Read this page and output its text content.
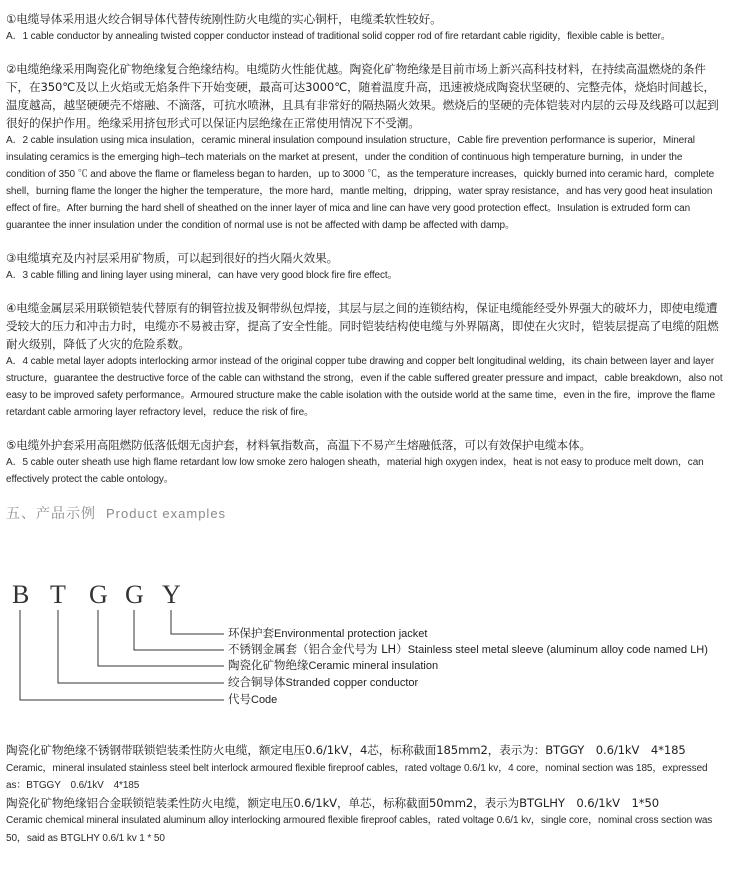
①电缆导体采用退火绞合铜导体代替传统刚性防火电缆的实心铜杆，电缆柔软性较好。

A．1 cable conductor by annealing twisted copper conductor instead of traditional solid copper rod of fire retardant cable rigidity，flexible cable is better。

②电缆绝缘采用陶瓷化矿物绝缘复合绝缘结构。电缆防火性能优越。陶瓷化矿物绝缘是目前市场上新兴高科技材料，在持续高温燃烧的条件下，在350℃及以上火焰或无焰条件下开始变硬，最高可达3000℃，随着温度升高，迅速被烧成陶瓷状坚硬的、完整壳体，烧焰时间越长，温度越高，越坚硬硬壳不熔融、不滴落，可抗水喷淋，且具有非常好的隔热隔火效果。燃烧后的坚硬的壳体铠装对内层的云母及线路可以起到很好的保护作用。绝缘采用挤包形式可以保证内层绝缘在正常使用情况下不受潮。

A．2 cable insulation using mica insulation，ceramic mineral insulation compound insulation structure，Cable fire prevention performance is superior，Mineral insulating ceramics is the emerging high–tech materials on the market at present，under the condition of continuous high temperature burning，in under the condition of 350 ℃ and above the flame or flameless began to harden，up to 3000 ℃，as the temperature increases，quickly burned into ceramic hard，complete shell，burning flame the longer the higher the temperature，the more hard，mantle melting，dripping，water spray resistance，and has very good heat insulation effect of fire。After burning the hard shell of sheathed on the inner layer of mica and line can have very good protection effect。Insulation is extruded form can guarantee the inner insulation under the condition of normal use is not be affected with damp be affected with damp。

③电缆填充及内衬层采用矿物质，可以起到很好的挡火隔火效果。

A．3 cable filling and lining layer using mineral，can have very good block fire fire effect。

④电缆金属层采用联锁铠装代替原有的铜管拉拔及铜带纵包焊接，其层与层之间的连锁结构，保证电缆能经受外界强大的破坏力，即使电缆遭受较大的压力和冲击力时，电缆亦不易被击穿，提高了安全性能。同时铠装结构使电缆与外界隔离，即使在火灾时，铠装层提高了电缆的阻燃耐火级别，降低了火灾的危险系数。

A．4 cable metal layer adopts interlocking armor instead of the original copper tube drawing and copper belt longitudinal welding，its chain between layer and layer structure，guarantee the destructive force of the cable can withstand the strong，even if the cable suffered greater pressure and impact，cable breakdown，also not easy to be improved safety performance。Armoured structure make the cable isolation with the outside world at the same time，even in the fire，improve the flame retardant cable armoring layer refractory level，reduce the risk of fire。

⑤电缆外护套采用高阻燃防低落低烟无卤护套，材料氧指数高，高温下不易产生熔融低落，可以有效保护电缆本体。

A．5 cable outer sheath use high flame retardant low low smoke zero halogen sheath，material high oxygen index，heat is not easy to produce melt down，can effectively protect the cable ontology。

五、产品示例 Product examples
B T G G Y
环保护套Environmental protection jacket
不锈钢金属套（铝合金代号为 LH）Stainless steel metal sleeve (aluminum alloy code named LH)
陶瓷化矿物绝缘Ceramic mineral insulation
绞合铜导体Stranded copper conductor
代号Code

陶瓷化矿物绝缘不锈钢带联锁铠装柔性防火电缆，额定电压0.6/1kV，4芯，标称截面185mm2，表示为：BTGGY　0.6/1kV　4*185

Ceramic，mineral insulated stainless steel belt interlock armoured flexible fireproof cables，rated voltage 0.6/1 kv，4 core，nominal section was 185，expressed as：BTGGY　0.6/1kV　4*185

陶瓷化矿物绝缘铝合金联锁铠装柔性防火电缆，额定电压0.6/1kV，单芯，标称截面50mm2，表示为BTGLHY　0.6/1kV　1*50

Ceramic chemical mineral insulated aluminum alloy interlocking armoured flexible fireproof cables，rated voltage 0.6/1 kv，single core，nominal cross section was 50，said as BTGLHY 0.6/1 kv 1 * 50
